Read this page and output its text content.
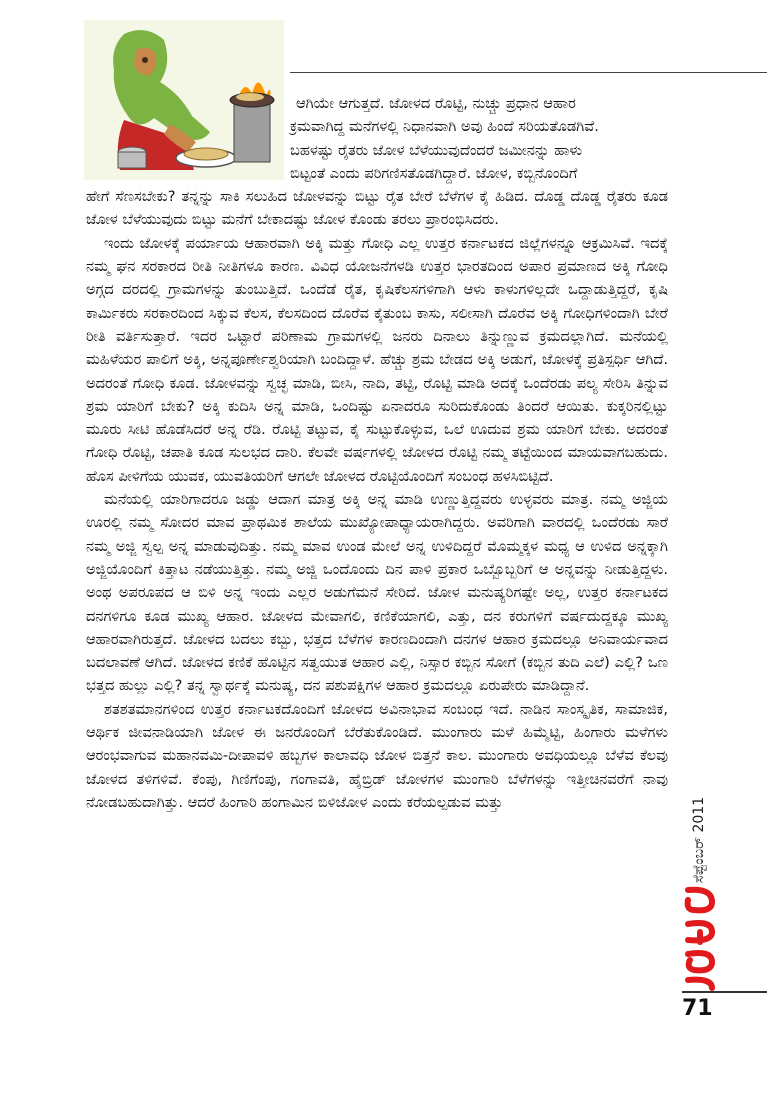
ಆಗಿಯೇ ಆಗುತ್ತದೆ. ಜೋಳದ ರೊಟ್ಟಿ, ನುಚ್ಚು ಪ್ರಧಾನ ಆಹಾರ

ಕ್ರಮವಾಗಿದ್ದ ಮನೆಗಳಲ್ಲಿ ನಿಧಾನವಾಗಿ ಅವು ಹಿಂದೆ ಸರಿಯತೊಡಗಿವೆ.

ಬಹಳಷ್ಟು ರೈತರು ಜೋಳ ಬೆಳೆಯುವುದೆಂದರೆ ಜಮೀನನ್ನು ಹಾಳು

ಬಿಟ್ಟಂತೆ ಎಂದು ಪರಿಗಣಿಸತೊಡಗಿದ್ದಾರೆ. ಜೋಳ, ಕಬ್ಬಿನೊಂದಿಗೆ

ಹೇಗೆ ಸೆಣಸಬೇಕು? ತನ್ನನ್ನು ಸಾಕಿ ಸಲುಹಿದ ಜೋಳವನ್ನು ಬಿಟ್ಟು ರೈತ ಬೇರೆ ಬೆಳೆಗಳ ಕೈ ಹಿಡಿದ. ದೊಡ್ಡ ದೊಡ್ಡ ರೈತರು ಕೂಡ ಜೋಳ ಬೆಳೆಯುವುದು ಬಿಟ್ಟು ಮನೆಗೆ ಬೇಕಾದಷ್ಟು ಜೋಳ ಕೊಂಡು ತರಲು ಪ್ರಾರಂಭಿಸಿದರು.

ಇಂದು ಜೋಳಕ್ಕೆ ಪರ್ಯಾಯ ಆಹಾರವಾಗಿ ಅಕ್ಕಿ ಮತ್ತು ಗೋಧಿ ಎಲ್ಲ ಉತ್ತರ ಕರ್ನಾಟಕದ ಜಿಲ್ಲೆಗಳನ್ನೂ ಆಕ್ರಮಿಸಿವೆ. ಇದಕ್ಕೆ ನಮ್ಮ ಘನ ಸರಕಾರದ ರೀತಿ ನೀತಿಗಳೂ ಕಾರಣ. ವಿವಿಧ ಯೋಜನೆಗಳಡಿ ಉತ್ತರ ಭಾರತದಿಂದ ಅಪಾರ ಪ್ರಮಾಣದ ಅಕ್ಕಿ ಗೋಧಿ ಅಗ್ಗದ ದರದಲ್ಲಿ ಗ್ರಾಮಗಳನ್ನು ತುಂಬುತ್ತಿದೆ. ಒಂದೆಡೆ ರೈತ, ಕೃಷಿಕೆಲಸಗಳಿಗಾಗಿ ಆಳು ಕಾಳುಗಳಿಲ್ಲದೇ ಒದ್ದಾಡುತ್ತಿದ್ದರೆ, ಕೃಷಿ ಕಾರ್ಮಿಕರು ಸರಕಾರದಿಂದ ಸಿಕ್ಕುವ ಕೆಲಸ, ಕೆಲಸದಿಂದ ದೊರೆವ ಕೈತುಂಬ ಕಾಸು, ಸಲೀಸಾಗಿ ದೊರೆವ ಅಕ್ಕಿ ಗೋಧಿಗಳಿಂದಾಗಿ ಬೇರೆ ರೀತಿ ವರ್ತಿಸುತ್ತಾರೆ. ಇದರ ಒಟ್ಟಾರೆ ಪರಿಣಾಮ ಗ್ರಾಮಗಳಲ್ಲಿ ಜನರು ದಿನಾಲು ತಿನ್ನುಣ್ಣುವ ಕ್ರಮದಲ್ಲಾಗಿದೆ. ಮನೆಯಲ್ಲಿ ಮಹಿಳೆಯರ ಪಾಲಿಗೆ ಅಕ್ಕಿ, ಅನ್ನಪೂರ್ಣೇಶ್ವರಿಯಾಗಿ ಬಂದಿದ್ದಾಳೆ. ಹೆಚ್ಚು ಶ್ರಮ ಬೇಡದ ಅಕ್ಕಿ ಅಡುಗೆ, ಜೋಳಕ್ಕೆ ಪ್ರತಿಸ್ಪರ್ಧಿ ಆಗಿದೆ. ಅದರಂತೆ ಗೋಧಿ ಕೂಡ. ಜೋಳವನ್ನು ಸ್ವಚ್ಛ ಮಾಡಿ, ಬೀಸಿ, ನಾದಿ, ತಟ್ಟಿ, ರೊಟ್ಟಿ ಮಾಡಿ ಅದಕ್ಕೆ ಒಂದೆರಡು ಪಲ್ಯ ಸೇರಿಸಿ ತಿನ್ನುವ ಶ್ರಮ ಯಾರಿಗೆ ಬೇಕು? ಅಕ್ಕಿ ಕುದಿಸಿ ಅನ್ನ ಮಾಡಿ, ಒಂದಿಷ್ಟು ಏನಾದರೂ ಸುರಿದುಕೊಂಡು ತಿಂದರೆ ಆಯಿತು. ಕುಕ್ಕರಿನಲ್ಲಿಟ್ಟು ಮೂರು ಸೀಟಿ ಹೊಡೆಸಿದರೆ ಅನ್ನ ರೆಡಿ. ರೊಟ್ಟಿ ತಟ್ಟುವ, ಕೈ ಸುಟ್ಟುಕೊಳ್ಳುವ, ಒಲೆ ಊದುವ ಶ್ರಮ ಯಾರಿಗೆ ಬೇಕು. ಅದರಂತೆ ಗೋಧಿ ರೊಟ್ಟಿ, ಚಪಾತಿ ಕೂಡ ಸುಲಭದ ದಾರಿ. ಕೆಲವೇ ವರ್ಷಗಳಲ್ಲಿ ಜೋಳದ ರೊಟ್ಟಿ ನಮ್ಮ ತಟ್ಟೆಯಿಂದ ಮಾಯವಾಗಬಹುದು. ಹೊಸ ಪೀಳಿಗೆಯ ಯುವಕ, ಯುವತಿಯರಿಗೆ ಆಗಲೇ ಜೋಳದ ರೊಟ್ಟಿಯೊಂದಿಗೆ ಸಂಬಂಧ ಹಳಸಿಬಿಟ್ಟಿದೆ.

ಮನೆಯಲ್ಲಿ ಯಾರಿಗಾದರೂ ಜಡ್ಡು ಆದಾಗ ಮಾತ್ರ ಅಕ್ಕಿ ಅನ್ನ ಮಾಡಿ ಉಣ್ಣುತ್ತಿದ್ದವರು ಉಳ್ಳವರು ಮಾತ್ರ. ನಮ್ಮ ಅಜ್ಜಿಯ ಊರಲ್ಲಿ ನಮ್ಮ ಸೋದರ ಮಾವ ಪ್ರಾಥಮಿಕ ಶಾಲೆಯ ಮುಖ್ಯೋಪಾಧ್ಯಾಯರಾಗಿದ್ದರು. ಅವರಿಗಾಗಿ ವಾರದಲ್ಲಿ ಒಂದೆರಡು ಸಾರೆ ನಮ್ಮ ಅಜ್ಜಿ ಸ್ವಲ್ಪ ಅನ್ನ ಮಾಡುವುದಿತ್ತು. ನಮ್ಮ ಮಾವ ಉಂಡ ಮೇಲೆ ಅನ್ನ ಉಳಿದಿದ್ದರೆ ಮೊಮ್ಮಕ್ಕಳ ಮಧ್ಯ ಆ ಉಳಿದ ಅನ್ನಕ್ಕಾಗಿ ಅಜ್ಜಿಯೊಂದಿಗೆ ಕಿತ್ತಾಟ ನಡೆಯುತ್ತಿತ್ತು. ನಮ್ಮ ಅಜ್ಜಿ ಒಂದೊಂದು ದಿನ ಪಾಳಿ ಪ್ರಕಾರ ಒಬ್ಬೊಬ್ಬರಿಗೆ ಆ ಅನ್ನವನ್ನು ನೀಡುತ್ತಿದ್ದಳು. ಅಂಥ ಅಪರೂಪದ ಆ ಬಿಳಿ ಅನ್ನ ಇಂದು ಎಲ್ಲರ ಅಡುಗೆಮನೆ ಸೇರಿದೆ. ಜೋಳ ಮನುಷ್ಯರಿಗಷ್ಟೇ ಅಲ್ಲ, ಉತ್ತರ ಕರ್ನಾಟಕದ ದನಗಳಿಗೂ ಕೂಡ ಮುಖ್ಯ ಆಹಾರ. ಜೋಳದ ಮೇವಾಗಲಿ, ಕಣಿಕೆಯಾಗಲಿ, ಎತ್ತು, ದನ ಕರುಗಳಿಗೆ ವರ್ಷದುದ್ದಕ್ಕೂ ಮುಖ್ಯ ಆಹಾರವಾಗಿರುತ್ತದೆ. ಜೋಳದ ಬದಲು ಕಬ್ಬು, ಭತ್ತದ ಬೆಳೆಗಳ ಕಾರಣದಿಂದಾಗಿ ದನಗಳ ಆಹಾರ ಕ್ರಮದಲ್ಲೂ ಅನಿವಾರ್ಯವಾದ ಬದಲಾವಣೆ ಆಗಿದೆ. ಜೋಳದ ಕಣಿಕೆ ಹೊಟ್ಟಿನ ಸತ್ವಯುತ ಆಹಾರ ಎಲ್ಲಿ, ನಿಸ್ಸಾರ ಕಬ್ಬಿನ ಸೋಗೆ (ಕಬ್ಬಿನ ತುದಿ ಎಲೆ) ಎಲ್ಲಿ? ಒಣ ಭತ್ತದ ಹುಲ್ಲು ಎಲ್ಲಿ? ತನ್ನ ಸ್ವಾರ್ಥಕ್ಕೆ ಮನುಷ್ಯ, ದನ ಪಶುಪಕ್ಷಿಗಳ ಆಹಾರ ಕ್ರಮದಲ್ಲೂ ಏರುಪೇರು ಮಾಡಿದ್ದಾನೆ.

ಶತಶತಮಾನಗಳಿಂದ ಉತ್ತರ ಕರ್ನಾಟಕದೊಂದಿಗೆ ಜೋಳದ ಅವಿನಾಭಾವ ಸಂಬಂಧ ಇದೆ. ನಾಡಿನ ಸಾಂಸ್ಕೃತಿಕ, ಸಾಮಾಜಿಕ, ಆರ್ಥಿಕ ಜೀವನಾಡಿಯಾಗಿ ಜೋಳ ಈ ಜನರೊಂದಿಗೆ ಬೆರೆತುಕೊಂಡಿದೆ. ಮುಂಗಾರು ಮಳೆ ಹಿಮ್ಮೆಟ್ಟಿ, ಹಿಂಗಾರು ಮಳೆಗಳು ಆರಂಭವಾಗುವ ಮಹಾನವಮಿ-ದೀಪಾವಳಿ ಹಬ್ಬಗಳ ಕಾಲಾವಧಿ ಜೋಳ ಬಿತ್ತನೆ ಕಾಲ. ಮುಂಗಾರು ಅವಧಿಯಲ್ಲೂ ಬೆಳೆವ ಕೆಲವು ಜೋಳದ ತಳಿಗಳಿವೆ. ಕೆಂಪು, ಗಿಣಿಗೆಂಪು, ಗಂಗಾವತಿ, ಹೈಬ್ರಿಡ್ ಜೋಳಗಳ ಮುಂಗಾರಿ ಬೆಳೆಗಳನ್ನು ಇತ್ತೀಚಿನವರೆಗೆ ನಾವು ನೋಡಬಹುದಾಗಿತ್ತು. ಆದರೆ ಹಿಂಗಾರಿ ಹಂಗಾಮಿನ ಬಿಳಿಜೋಳ ಎಂದು ಕರೆಯಲ್ಪಡುವ ಮತ್ತು	ಸೆಪ್ಟೆಂಬರ್ 2011
71
